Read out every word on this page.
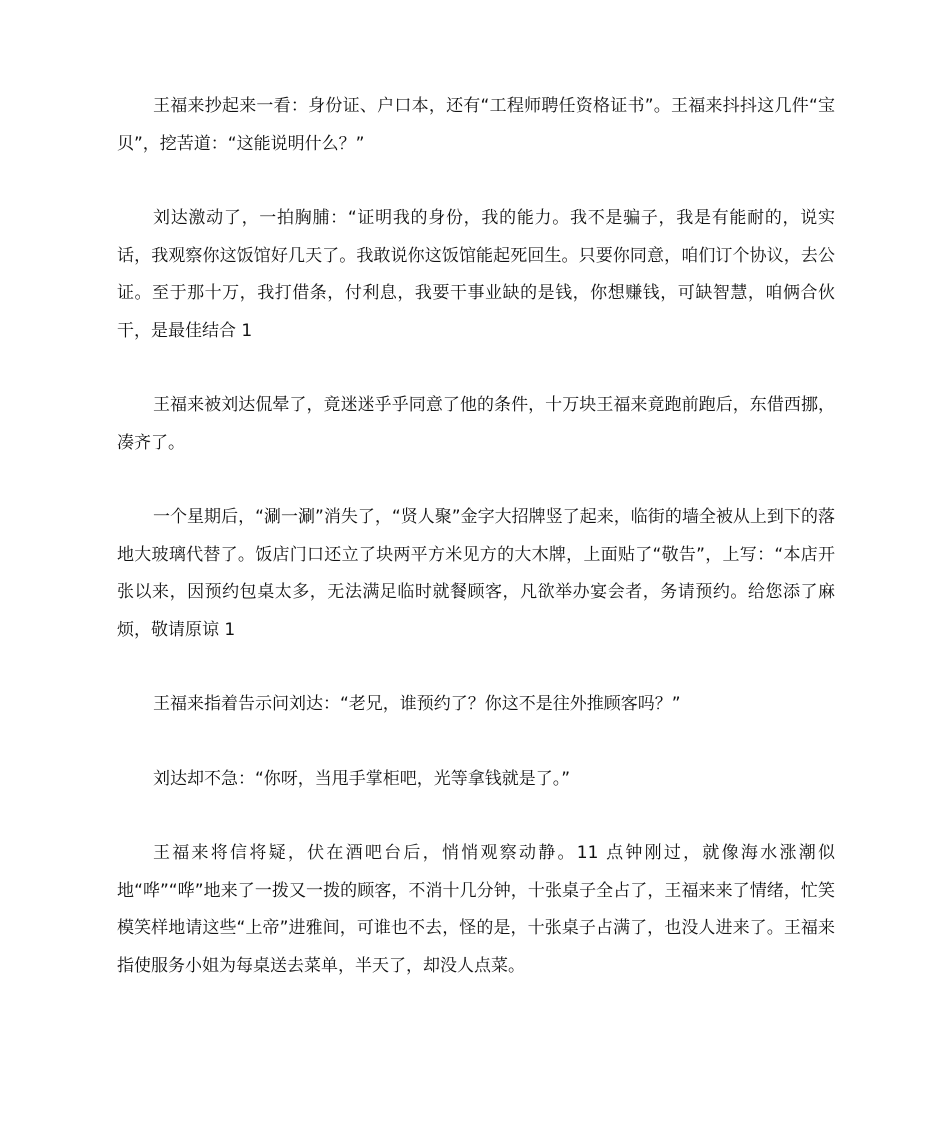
王福来抄起来一看：身份证、户口本，还有“工程师聘任资格证书”。王福来抖抖这几件“宝贝”，挖苦道：“这能说明什么？”

刘达激动了，一拍胸脯：“证明我的身份，我的能力。我不是骗子，我是有能耐的，说实话，我观察你这饭馆好几天了。我敢说你这饭馆能起死回生。只要你同意，咱们订个协议，去公证。至于那十万，我打借条，付利息，我要干事业缺的是钱，你想赚钱，可缺智慧，咱俩合伙干，是最佳结合 1

王福来被刘达侃晕了，竟迷迷乎乎同意了他的条件，十万块王福来竟跑前跑后，东借西挪，凑齐了。

一个星期后，“涮一涮”消失了，“贤人聚”金字大招牌竖了起来，临街的墙全被从上到下的落地大玻璃代替了。饭店门口还立了块两平方米见方的大木牌，上面贴了“敬告”，上写：“本店开张以来，因预约包桌太多，无法满足临时就餐顾客，凡欲举办宴会者，务请预约。给您添了麻烦，敬请原谅 1

王福来指着告示问刘达：“老兄，谁预约了？你这不是往外推顾客吗？”

刘达却不急：“你呀，当甩手掌柜吧，光等拿钱就是了。”

王福来将信将疑，伏在酒吧台后，悄悄观察动静。11 点钟刚过，就像海水涨潮似地“哗”“哗”地来了一拨又一拨的顾客，不消十几分钟，十张桌子全占了，王福来来了情绪，忙笑模笑样地请这些“上帝”进雅间，可谁也不去，怪的是，十张桌子占满了，也没人进来了。王福来指使服务小姐为每桌送去菜单，半天了，却没人点菜。
